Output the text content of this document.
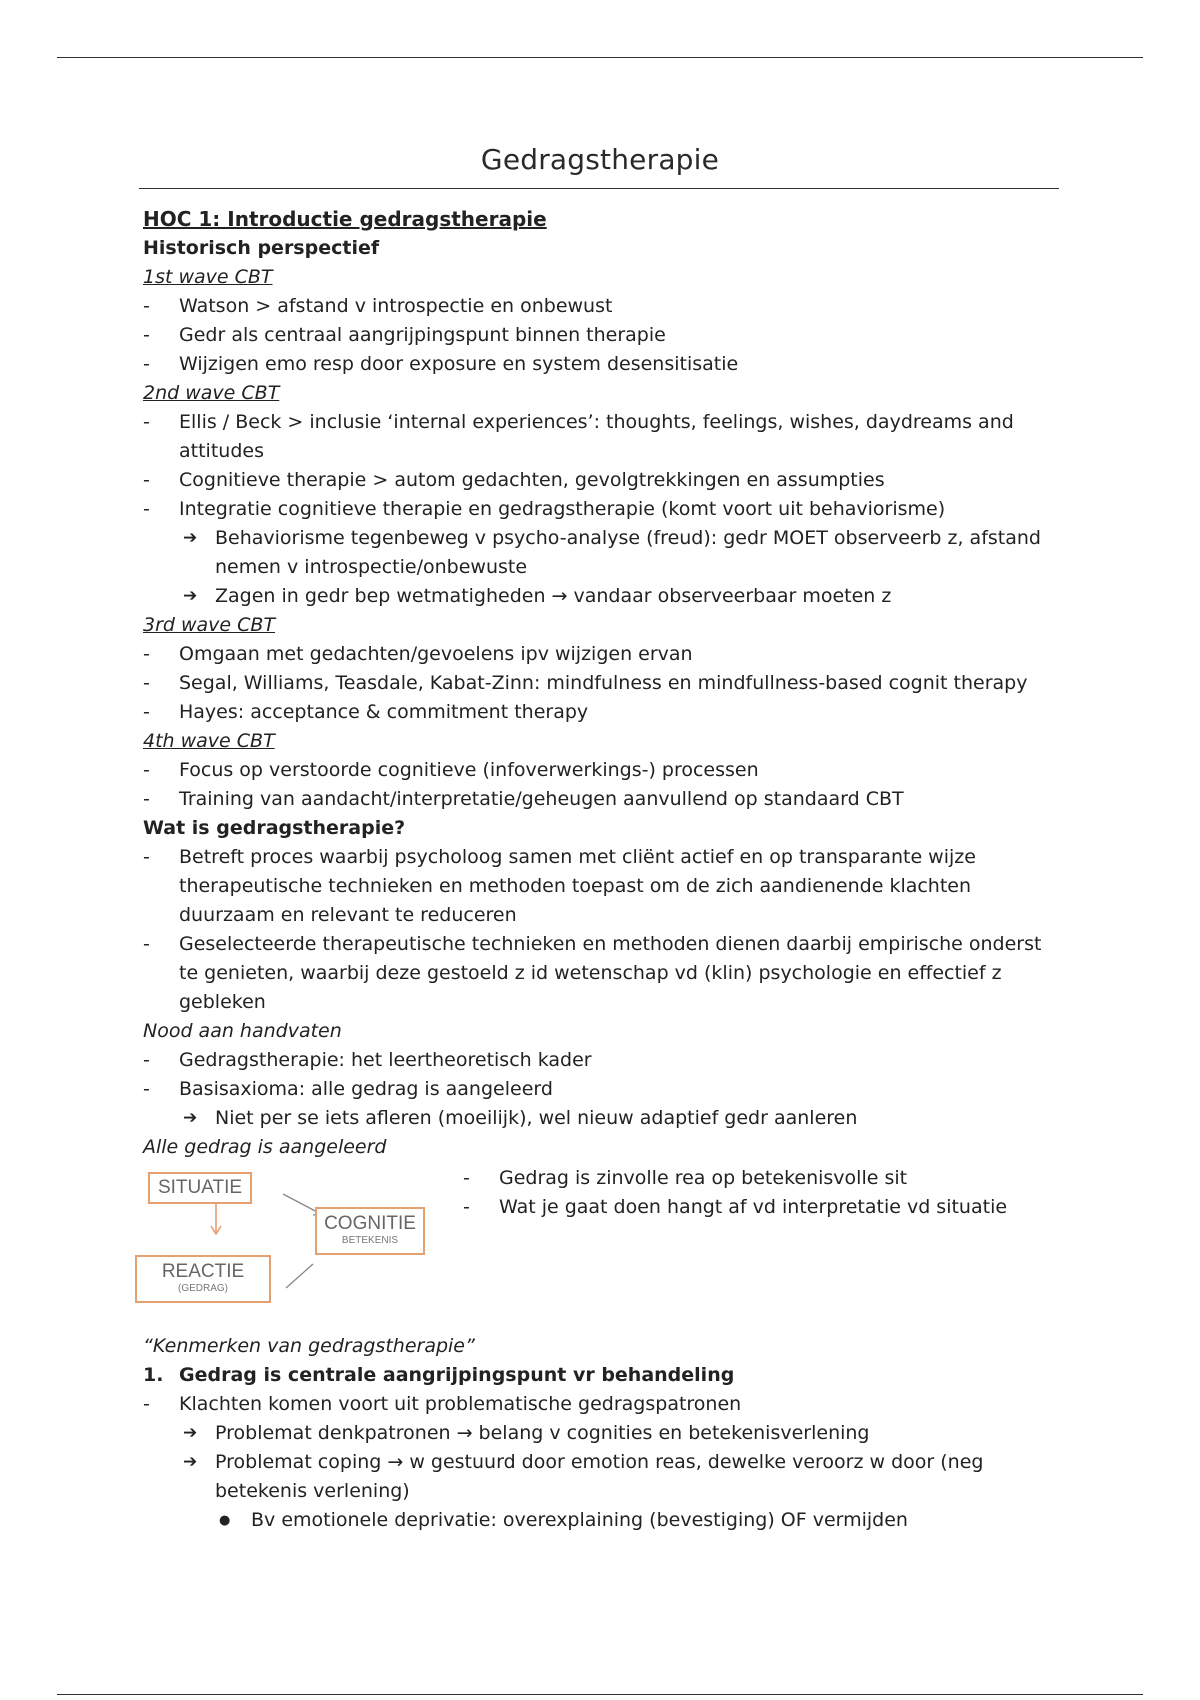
Gedragstherapie
HOC 1: Introductie gedragstherapie
Historisch perspectief
1st wave CBT
- Watson > afstand v introspectie en onbewust
- Gedr als centraal aangrijpingspunt binnen therapie
- Wijzigen emo resp door exposure en system desensitisatie
2nd wave CBT
- Ellis / Beck > inclusie ‘internal experiences’: thoughts, feelings, wishes, daydreams and
attitudes
- Cognitieve therapie > autom gedachten, gevolgtrekkingen en assumpties
- Integratie cognitieve therapie en gedragstherapie (komt voort uit behaviorisme)
➔ Behaviorisme tegenbeweg v psycho-analyse (freud): gedr MOET observeerb z, afstand
nemen v introspectie/onbewuste
➔ Zagen in gedr bep wetmatigheden → vandaar observeerbaar moeten z
3rd wave CBT
- Omgaan met gedachten/gevoelens ipv wijzigen ervan
- Segal, Williams, Teasdale, Kabat-Zinn: mindfulness en mindfullness-based cognit therapy
- Hayes: acceptance & commitment therapy
4th wave CBT
- Focus op verstoorde cognitieve (infoverwerkings-) processen
- Training van aandacht/interpretatie/geheugen aanvullend op standaard CBT
Wat is gedragstherapie?
- Betreft proces waarbij psycholoog samen met cliënt actief en op transparante wijze
therapeutische technieken en methoden toepast om de zich aandienende klachten
duurzaam en relevant te reduceren
- Geselecteerde therapeutische technieken en methoden dienen daarbij empirische onderst
te genieten, waarbij deze gestoeld z id wetenschap vd (klin) psychologie en effectief z
gebleken
Nood aan handvaten
- Gedragstherapie: het leertheoretisch kader
- Basisaxioma: alle gedrag is aangeleerd
➔ Niet per se iets afleren (moeilijk), wel nieuw adaptief gedr aanleren
Alle gedrag is aangeleerd
SITUATIE
COGNITIE
BETEKENIS
REACTIE
(GEDRAG)
- Gedrag is zinvolle rea op betekenisvolle sit
- Wat je gaat doen hangt af vd interpretatie vd situatie
“Kenmerken van gedragstherapie”
1. Gedrag is centrale aangrijpingspunt vr behandeling
- Klachten komen voort uit problematische gedragspatronen
➔ Problemat denkpatronen → belang v cognities en betekenisverlening
➔ Problemat coping → w gestuurd door emotion reas, dewelke veroorz w door (neg
betekenis verlening)
● Bv emotionele deprivatie: overexplaining (bevestiging) OF vermijden
